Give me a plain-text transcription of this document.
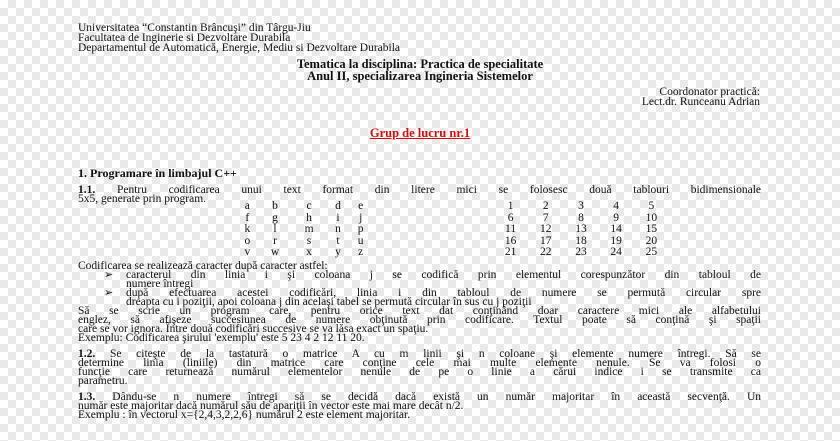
Universitatea “Constantin Brâncuşi” din Târgu-Jiu
Facultatea de Inginerie si Dezvoltare Durabila
Departamentul de Automatică, Energie, Mediu si Dezvoltare Durabila
Tematica la disciplina: Practica de specialitate
Anul II, specializarea Ingineria Sistemelor
Coordonator practică:
Lect.dr. Runceanu Adrian
Grup de lucru nr.1
1. Programare în limbajul C++
1.1. Pentru codificarea unui text format din litere mici se folosesc două tablouri bidimensionale
5x5, generate prin program.
a	b	c	d	e
f	g	h	i	j
k	l	m	n	p
o	r	s	t	u
v	w	x	y	z
1	2	3	4	5
6	7	8	9	10
11	12	13	14	15
16	17	18	19	20
21	22	23	24	25
Codificarea se realizează caracter după caracter astfel:
➢ caracterul din linia i şi coloana j se codifică prin elementul corespunzător din tabloul de
numere întregi
➢ după efectuarea acestei codificări, linia i din tabloul de numere se permută circular spre
dreapta cu i poziţii, apoi coloana j din acelaşi tabel se permută circular în sus cu j poziţii
Să se scrie un program care, pentru orice text dat conţinând doar caractere mici ale alfabetului
englez, să afişeze succesiunea de numere obţinută prin codificare. Textul poate să conţină şi spaţii
care se vor ignora. Între două codificări succesive se va lăsa exact un spaţiu.
Exemplu: Codificarea şirului 'exemplu' este 5 23 4 2 12 11 20.
1.2. Se citeşte de la tastatură o matrice A cu m linii şi n coloane şi elemente numere întregi. Să se
determine linia (liniile) din matrice care conţine cele mai multe elemente nenule. Se va folosi o
funcţie care returnează numărul elementelor nenule de pe o linie a cărui indice i se transmite ca
parametru.
1.3. Dându-se n numere întregi să se decidă dacă există un număr majoritar în această secvenţă. Un
număr este majoritar dacă numărul său de apariţii în vector este mai mare decât n/2.
Exemplu : în vectorul x={2,4,3,2,2,6} numărul 2 este element majoritar.
